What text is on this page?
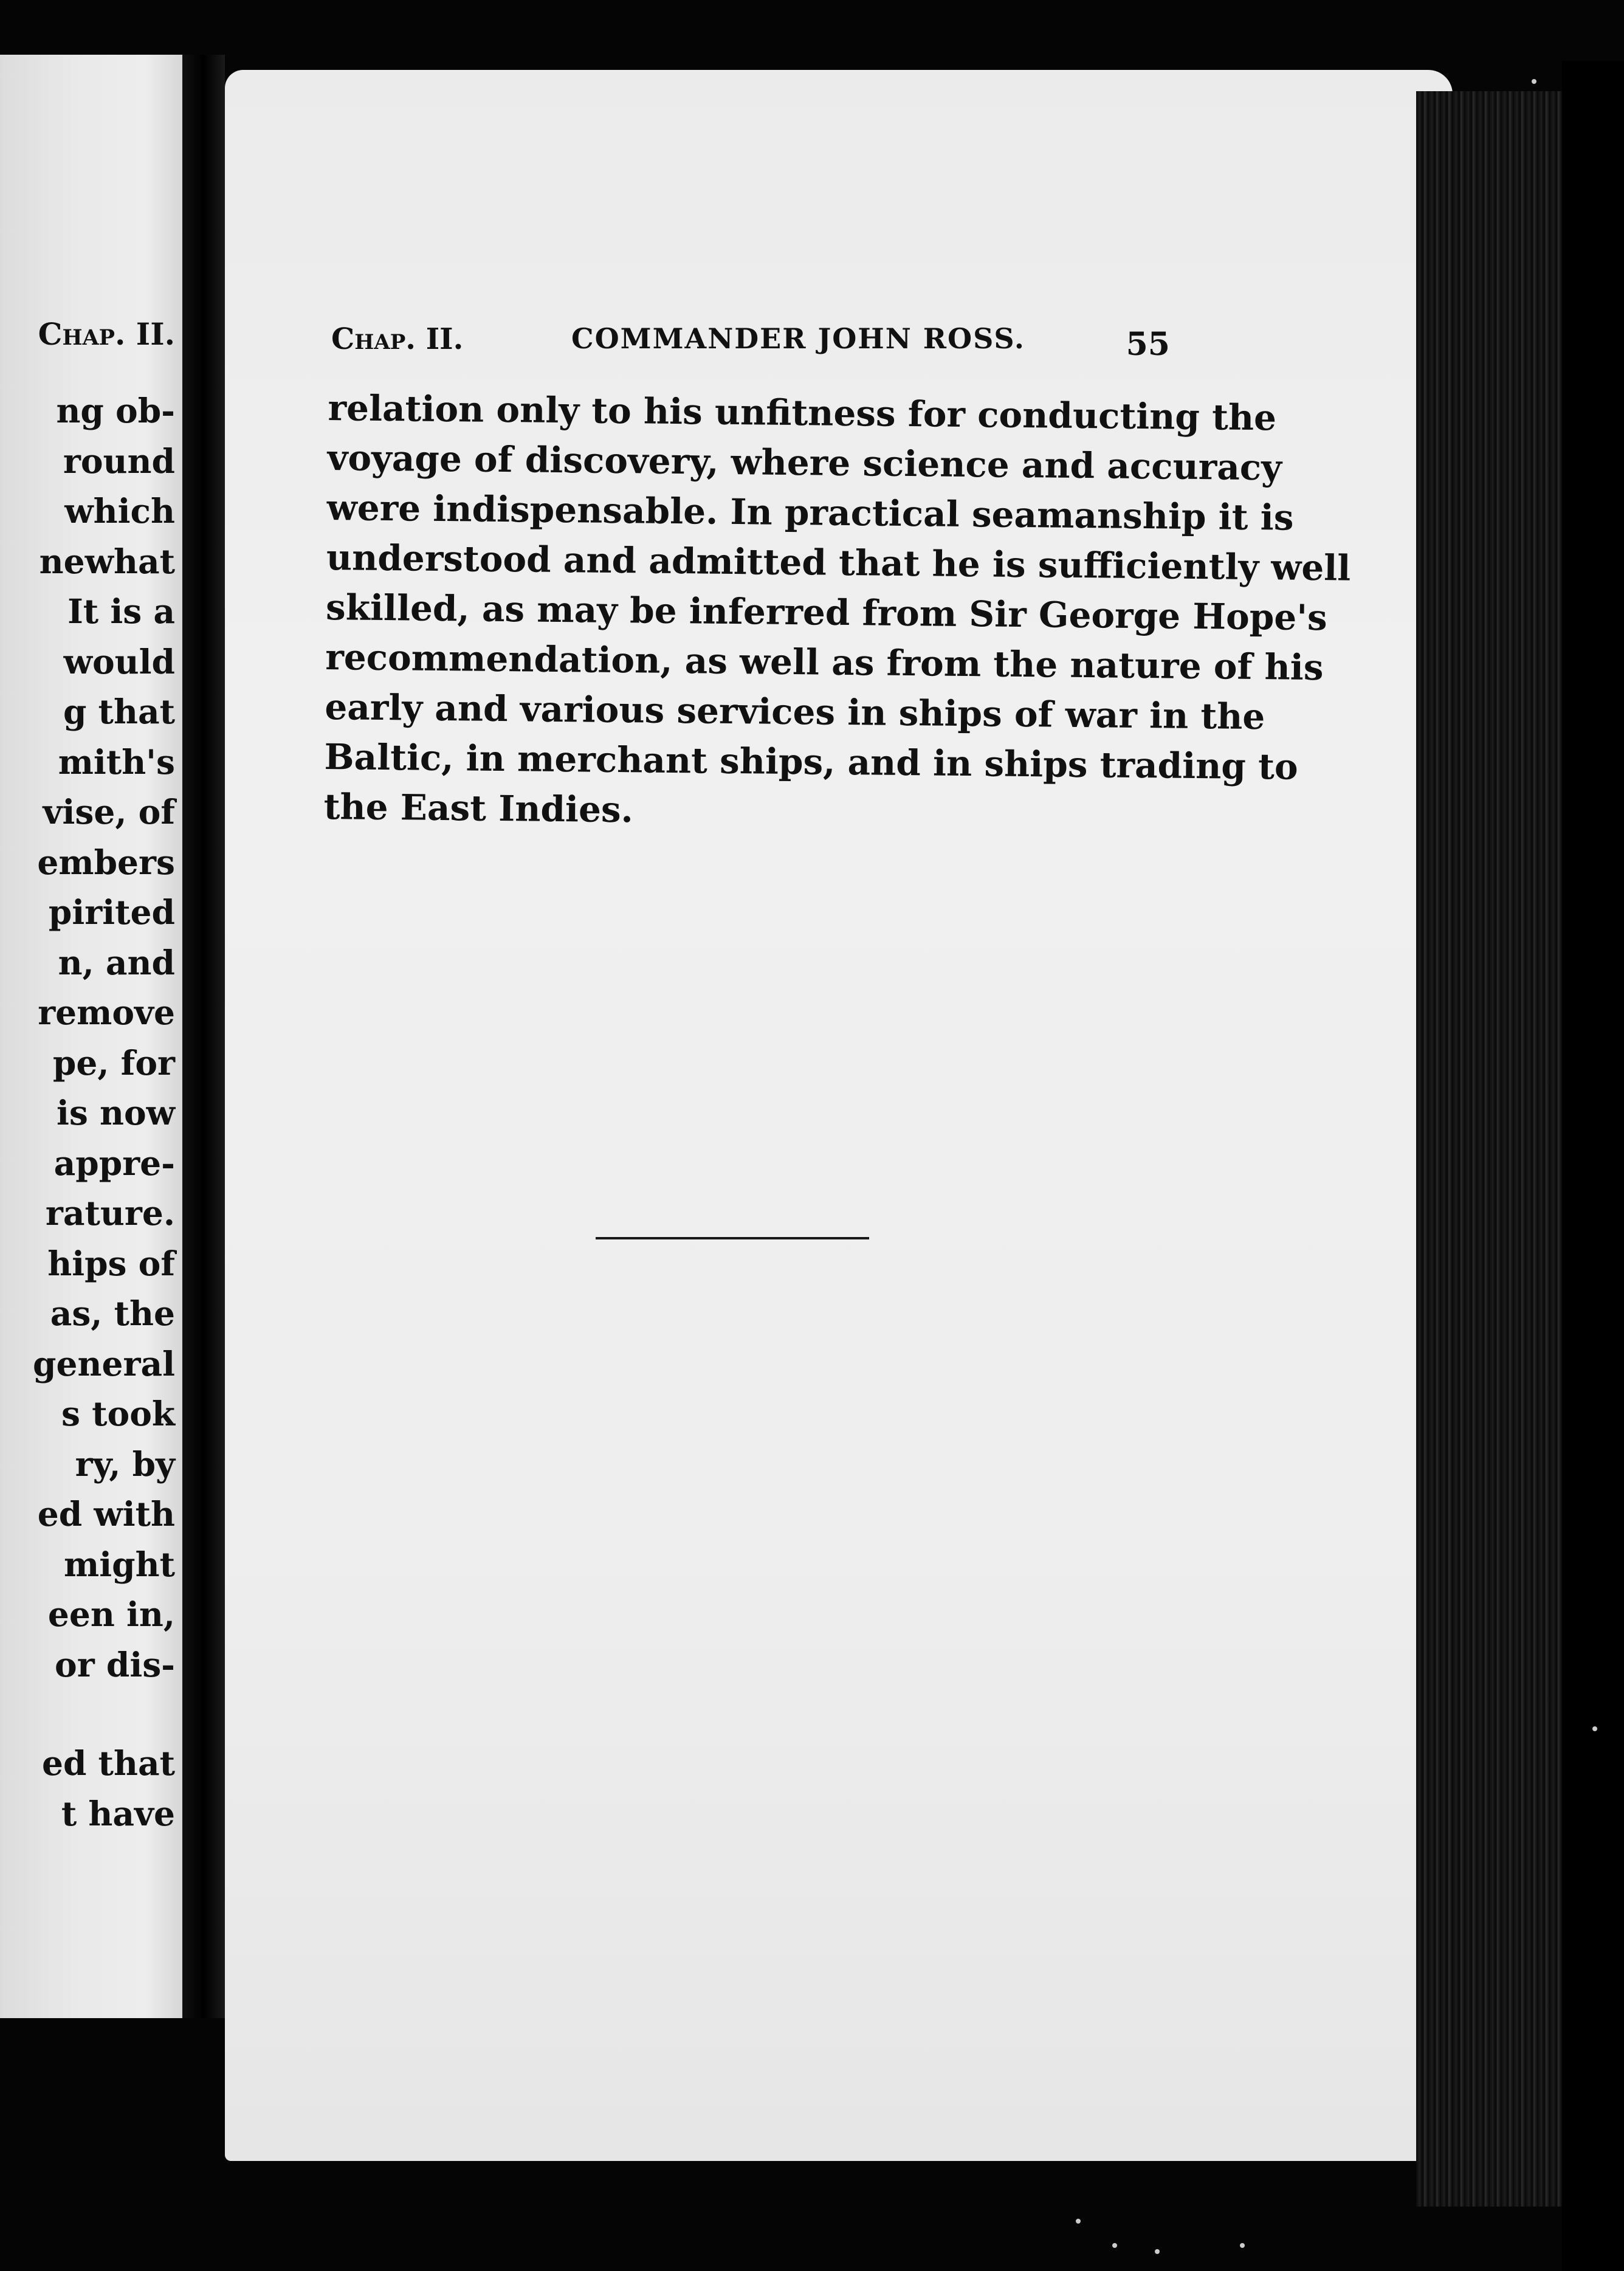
Chap. II.
ng ob-
round
which
newhat
It is a
would
g that
mith's
vise, of
embers
pirited
n, and
remove
pe, for
is now
appre-
rature.
hips of
as, the
general
s took
ry, by
ed with
might
een in,
or dis-
ed that
t have
Chap. II.	COMMANDER JOHN ROSS.	55
relation only to his unfitness for conducting the
voyage of discovery, where science and accuracy
were indispensable. In practical seamanship it is
understood and admitted that he is sufficiently well
skilled, as may be inferred from Sir George Hope's
recommendation, as well as from the nature of his
early and various services in ships of war in the
Baltic, in merchant ships, and in ships trading to
the East Indies.
